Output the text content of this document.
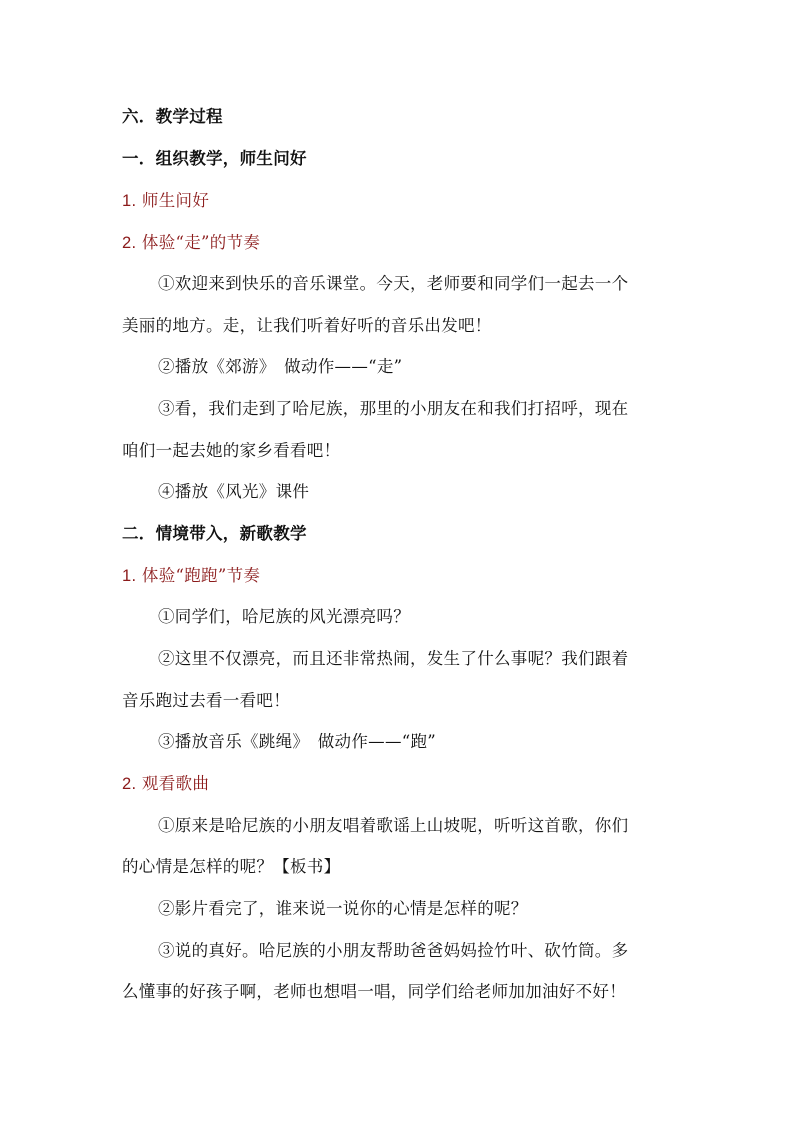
六．教学过程

一．组织教学，师生问好

1. 师生问好

2. 体验“走”的节奏

①欢迎来到快乐的音乐课堂。今天，老师要和同学们一起去一个

美丽的地方。走，让我们听着好听的音乐出发吧！

②播放《郊游》　做动作——“走”

③看，我们走到了哈尼族，那里的小朋友在和我们打招呼，现在

咱们一起去她的家乡看看吧！

④播放《风光》课件

二．情境带入，新歌教学

1. 体验“跑跑”节奏

①同学们，哈尼族的风光漂亮吗？

②这里不仅漂亮，而且还非常热闹，发生了什么事呢？我们跟着

音乐跑过去看一看吧！

③播放音乐《跳绳》　做动作——“跑”

2. 观看歌曲

①原来是哈尼族的小朋友唱着歌谣上山坡呢，听听这首歌，你们

的心情是怎样的呢？【板书】

②影片看完了，谁来说一说你的心情是怎样的呢？

③说的真好。哈尼族的小朋友帮助爸爸妈妈捡竹叶、砍竹筒。多

么懂事的好孩子啊，老师也想唱一唱，同学们给老师加加油好不好！
